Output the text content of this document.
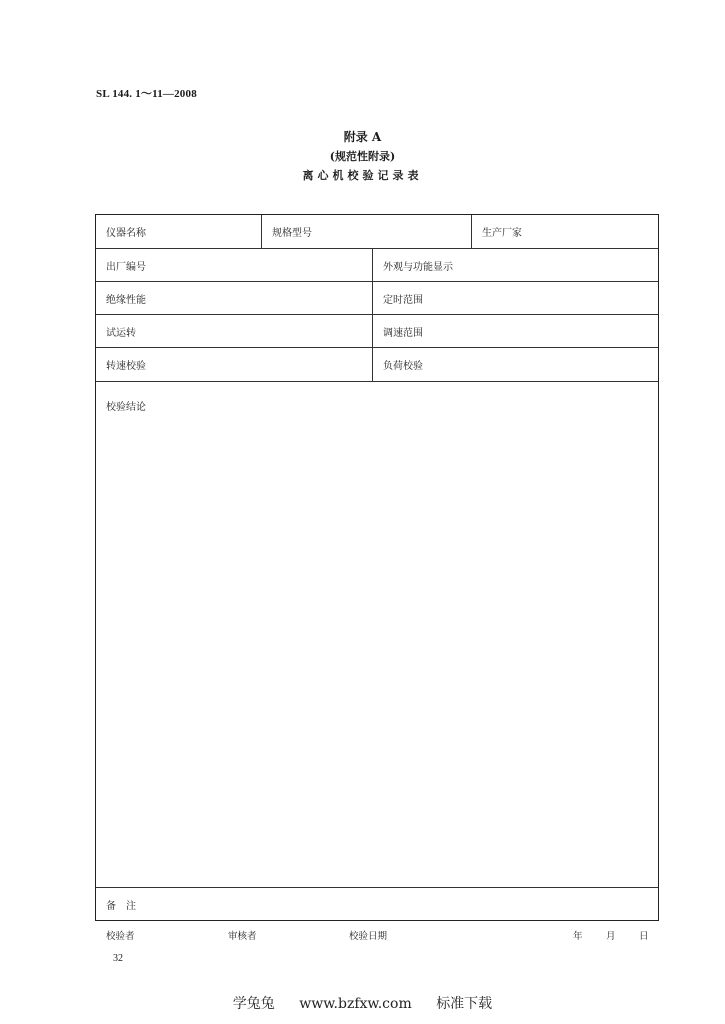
SL 144. 1～11—2008
附录 A
(规范性附录)
离心机校验记录表
仪器名称	规格型号	生产厂家
出厂编号	外观与功能显示
绝缘性能	定时范围
试运转	调速范围
转速校验	负荷校验
校验结论
备　注
校验者	审核者	校验日期	年 月 日
32
学兔兔 www.bzfxw.com 标准下载
